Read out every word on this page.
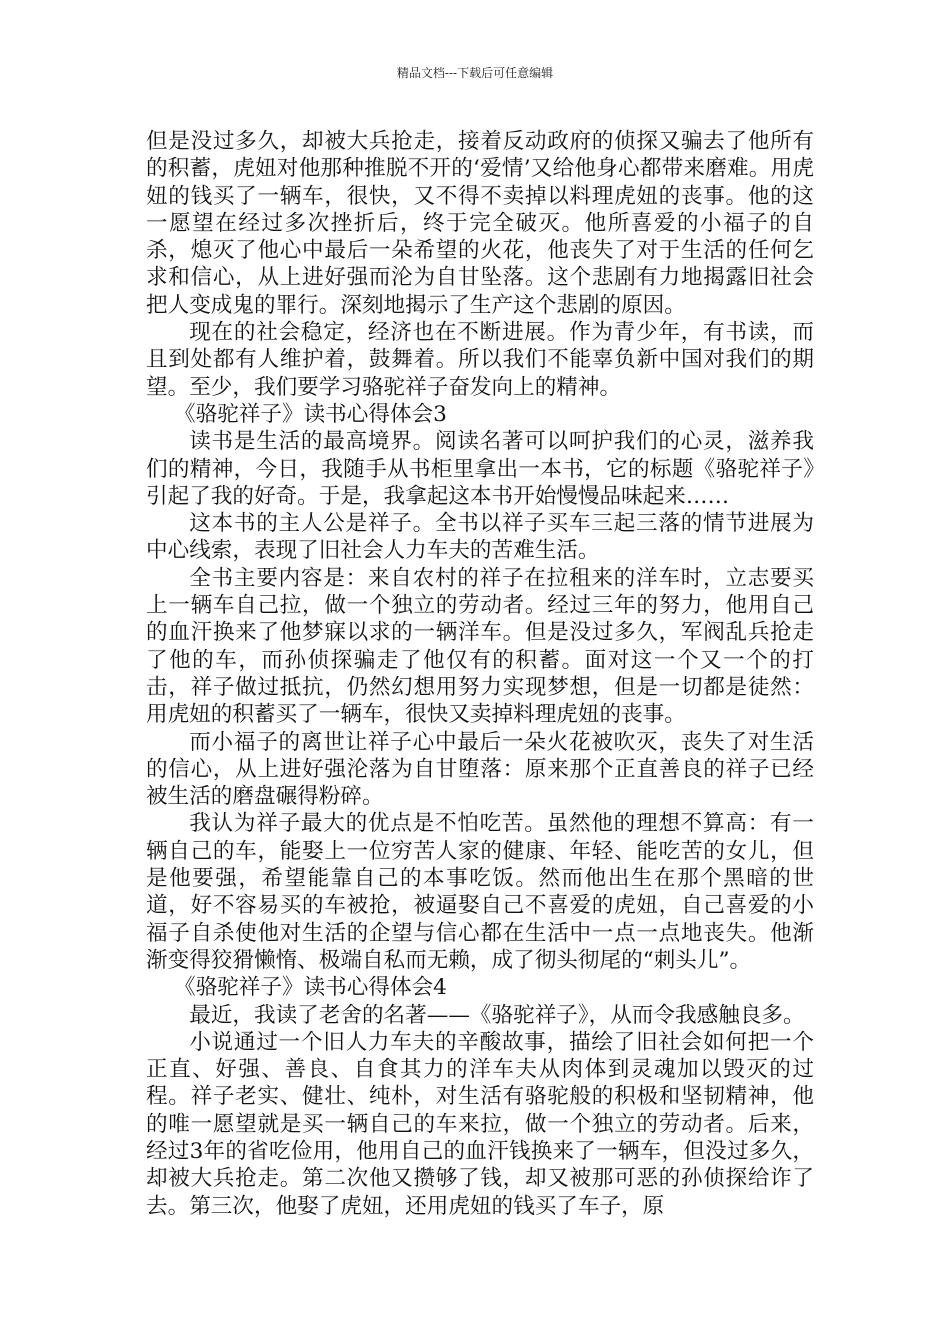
精品文档---下载后可任意编辑

但是没过多久，却被大兵抢走，接着反动政府的侦探又骗去了他所有的积蓄，虎妞对他那种推脱不开的‘爱情’又给他身心都带来磨难。用虎妞的钱买了一辆车，很快，又不得不卖掉以料理虎妞的丧事。他的这一愿望在经过多次挫折后，终于完全破灭。他所喜爱的小福子的自杀，熄灭了他心中最后一朵希望的火花，他丧失了对于生活的任何乞求和信心，从上进好强而沦为自甘坠落。这个悲剧有力地揭露旧社会把人变成鬼的罪行。深刻地揭示了生产这个悲剧的原因。

现在的社会稳定，经济也在不断进展。作为青少年，有书读，而且到处都有人维护着，鼓舞着。所以我们不能辜负新中国对我们的期望。至少，我们要学习骆驼祥子奋发向上的精神。

《骆驼祥子》读书心得体会3

读书是生活的最高境界。阅读名著可以呵护我们的心灵，滋养我们的精神，今日，我随手从书柜里拿出一本书，它的标题《骆驼祥子》引起了我的好奇。于是，我拿起这本书开始慢慢品味起来……

这本书的主人公是祥子。全书以祥子买车三起三落的情节进展为中心线索，表现了旧社会人力车夫的苦难生活。

全书主要内容是：来自农村的祥子在拉租来的洋车时，立志要买上一辆车自己拉，做一个独立的劳动者。经过三年的努力，他用自己的血汗换来了他梦寐以求的一辆洋车。但是没过多久，军阀乱兵抢走了他的车，而孙侦探骗走了他仅有的积蓄。面对这一个又一个的打击，祥子做过抵抗，仍然幻想用努力实现梦想，但是一切都是徒然：用虎妞的积蓄买了一辆车，很快又卖掉料理虎妞的丧事。

而小福子的离世让祥子心中最后一朵火花被吹灭，丧失了对生活的信心，从上进好强沦落为自甘堕落：原来那个正直善良的祥子已经被生活的磨盘碾得粉碎。

我认为祥子最大的优点是不怕吃苦。虽然他的理想不算高：有一辆自己的车，能娶上一位穷苦人家的健康、年轻、能吃苦的女儿，但是他要强，希望能靠自己的本事吃饭。然而他出生在那个黑暗的世道，好不容易买的车被抢，被逼娶自己不喜爱的虎妞，自己喜爱的小福子自杀使他对生活的企望与信心都在生活中一点一点地丧失。他渐渐变得狡猾懒惰、极端自私而无赖，成了彻头彻尾的“刺头儿”。

《骆驼祥子》读书心得体会4

最近，我读了老舍的名著——《骆驼祥子》，从而令我感触良多。

小说通过一个旧人力车夫的辛酸故事，描绘了旧社会如何把一个正直、好强、善良、自食其力的洋车夫从肉体到灵魂加以毁灭的过程。祥子老实、健壮、纯朴，对生活有骆驼般的积极和坚韧精神，他的唯一愿望就是买一辆自己的车来拉，做一个独立的劳动者。后来，经过3年的省吃俭用，他用自己的血汗钱换来了一辆车，但没过多久，却被大兵抢走。第二次他又攒够了钱，却又被那可恶的孙侦探给诈了去。第三次，他娶了虎妞，还用虎妞的钱买了车子，原
